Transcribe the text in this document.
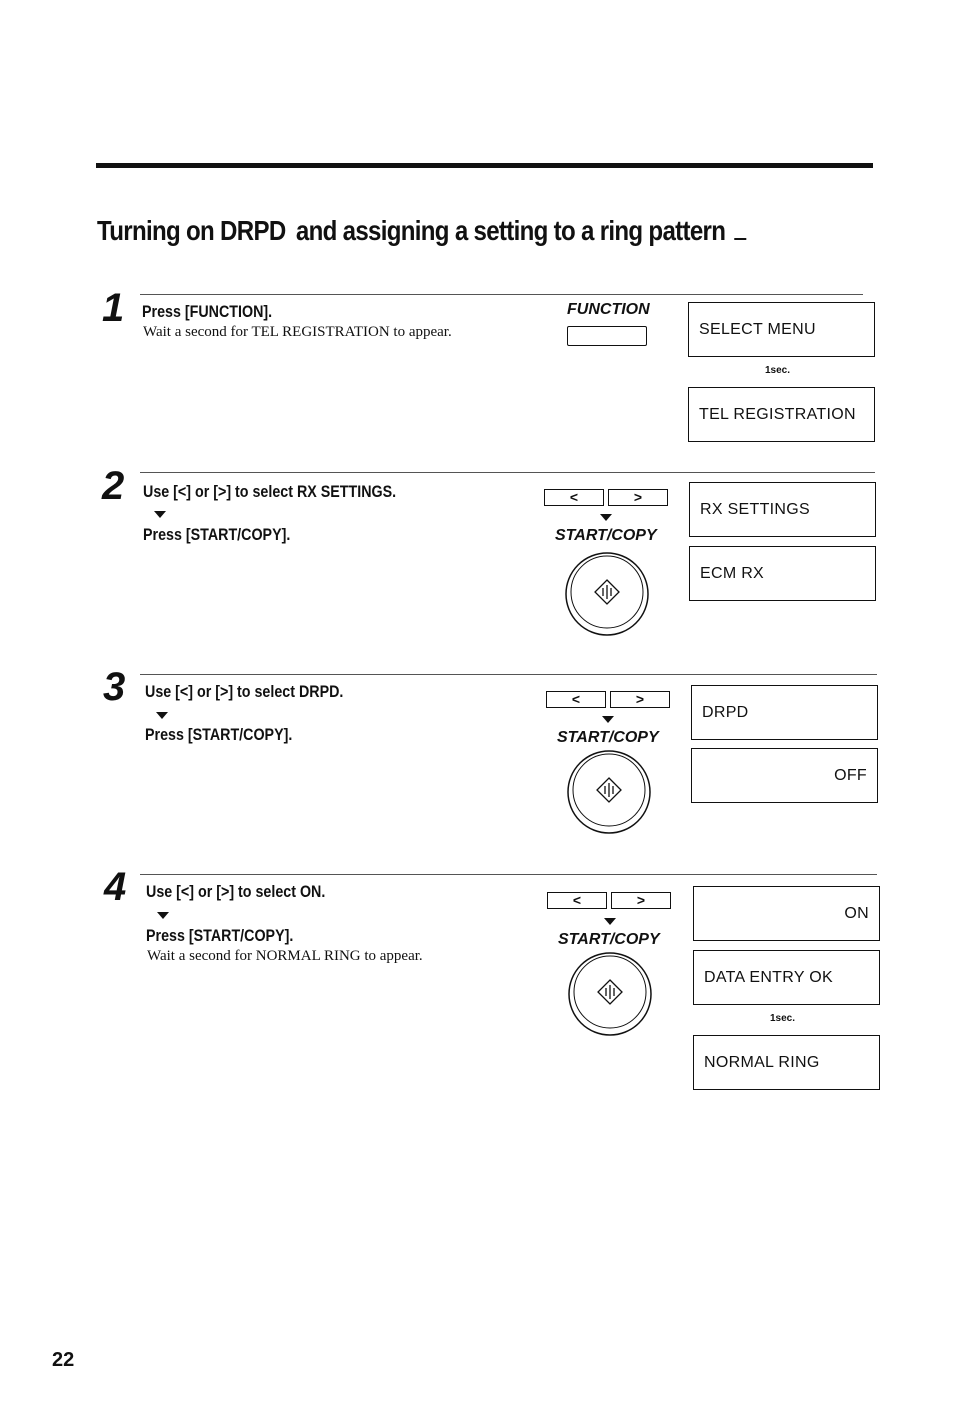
Turning on DRPD and assigning a setting to a ring pattern
1 Press [FUNCTION].
Wait a second for TEL REGISTRATION to appear.
FUNCTION
SELECT MENU
1sec.
TEL REGISTRATION
2 Use [<] or [>] to select RX SETTINGS.
Press [START/COPY].
<	>
START/COPY
RX SETTINGS
ECM RX
3 Use [<] or [>] to select DRPD.
Press [START/COPY].
<	>
START/COPY
DRPD
OFF
4 Use [<] or [>] to select ON.
Press [START/COPY].
Wait a second for NORMAL RING to appear.
<	>
START/COPY
ON
DATA ENTRY OK
1sec.
NORMAL RING
22
